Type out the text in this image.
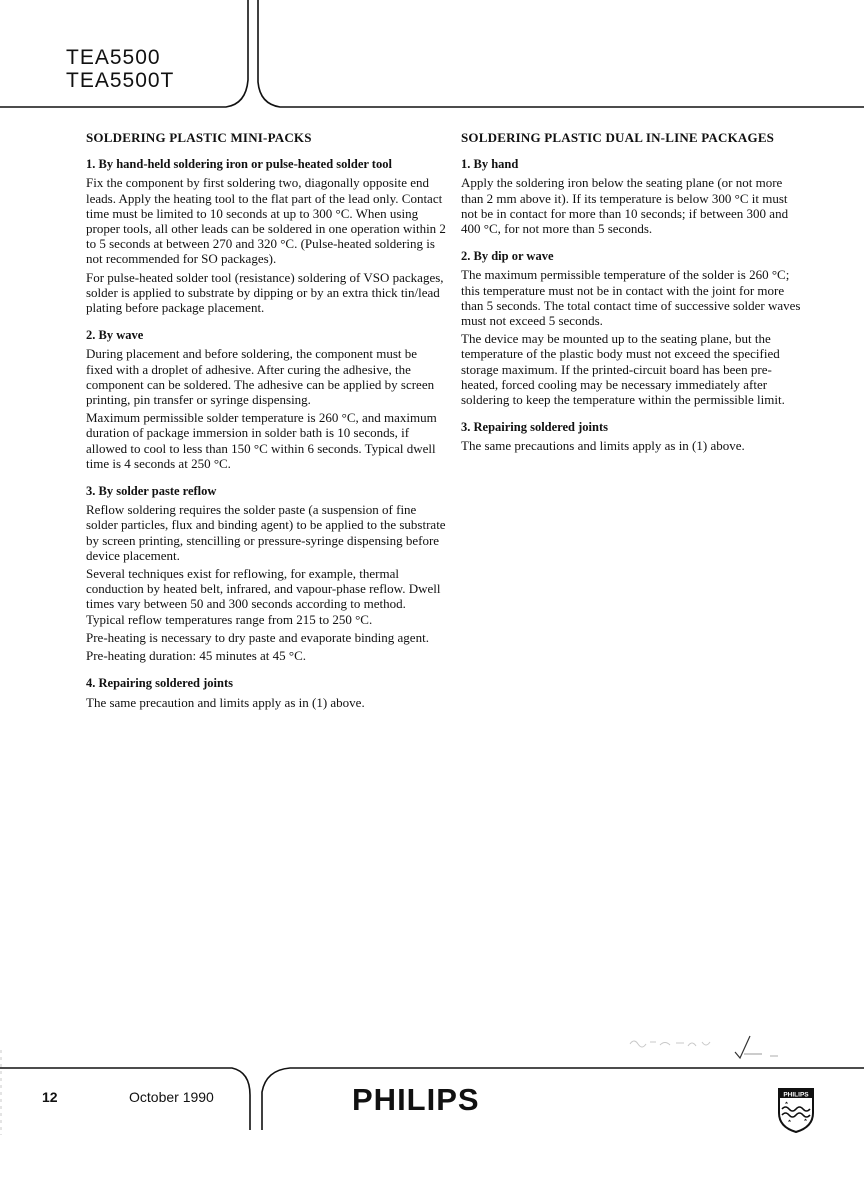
TEA5500
TEA5500T
SOLDERING PLASTIC MINI-PACKS
1. By hand-held soldering iron or pulse-heated solder tool

Fix the component by first soldering two, diagonally opposite end leads. Apply the heating tool to the flat part of the lead only. Contact time must be limited to 10 seconds at up to 300 °C. When using proper tools, all other leads can be soldered in one operation within 2 to 5 seconds at between 270 and 320 °C. (Pulse-heated soldering is not recommended for SO packages).

For pulse-heated solder tool (resistance) soldering of VSO packages, solder is applied to substrate by dipping or by an extra thick tin/lead plating before package placement.

2. By wave

During placement and before soldering, the component must be fixed with a droplet of adhesive. After curing the adhesive, the component can be soldered. The adhesive can be applied by screen printing, pin transfer or syringe dispensing.

Maximum permissible solder temperature is 260 °C, and maximum duration of package immersion in solder bath is 10 seconds, if allowed to cool to less than 150 °C within 6 seconds. Typical dwell time is 4 seconds at 250 °C.

3. By solder paste reflow

Reflow soldering requires the solder paste (a suspension of fine solder particles, flux and binding agent) to be applied to the substrate by screen printing, stencilling or pressure-syringe dispensing before device placement.

Several techniques exist for reflowing, for example, thermal conduction by heated belt, infrared, and vapour-phase reflow. Dwell times vary between 50 and 300 seconds according to method. Typical reflow temperatures range from 215 to 250 °C.

Pre-heating is necessary to dry paste and evaporate binding agent.

Pre-heating duration: 45 minutes at 45 °C.

4. Repairing soldered joints

The same precaution and limits apply as in (1) above.

SOLDERING PLASTIC DUAL IN-LINE PACKAGES
1. By hand

Apply the soldering iron below the seating plane (or not more than 2 mm above it). If its temperature is below 300 °C it must not be in contact for more than 10 seconds; if between 300 and 400 °C, for not more than 5 seconds.

2. By dip or wave

The maximum permissible temperature of the solder is 260 °C; this temperature must not be in contact with the joint for more than 5 seconds. The total contact time of successive solder waves must not exceed 5 seconds.

The device may be mounted up to the seating plane, but the temperature of the plastic body must not exceed the specified storage maximum. If the printed-circuit board has been pre-heated, forced cooling may be necessary immediately after soldering to keep the temperature within the permissible limit.

3. Repairing soldered joints

The same precautions and limits apply as in (1) above.

12	October 1990	PHILIPS	PHILIPS
